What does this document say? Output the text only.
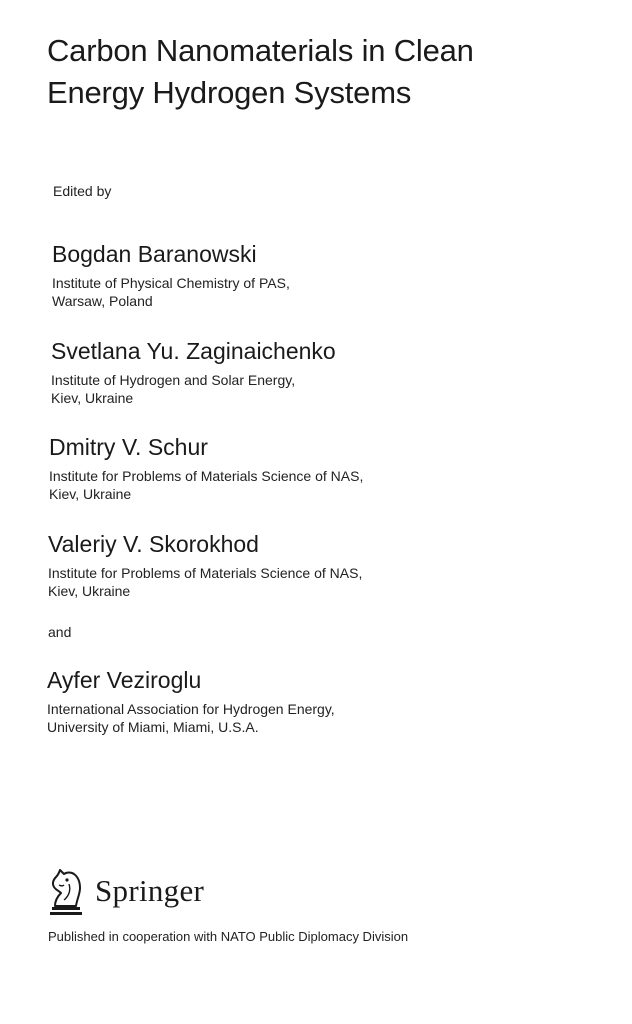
Carbon Nanomaterials in Clean
Energy Hydrogen Systems
Edited by
Bogdan Baranowski
Institute of Physical Chemistry of PAS,
Warsaw, Poland
Svetlana Yu. Zaginaichenko
Institute of Hydrogen and Solar Energy,
Kiev, Ukraine
Dmitry V. Schur
Institute for Problems of Materials Science of NAS,
Kiev, Ukraine
Valeriy V. Skorokhod
Institute for Problems of Materials Science of NAS,
Kiev, Ukraine
and
Ayfer Veziroglu
International Association for Hydrogen Energy,
University of Miami, Miami, U.S.A.
Springer
Published in cooperation with NATO Public Diplomacy Division
